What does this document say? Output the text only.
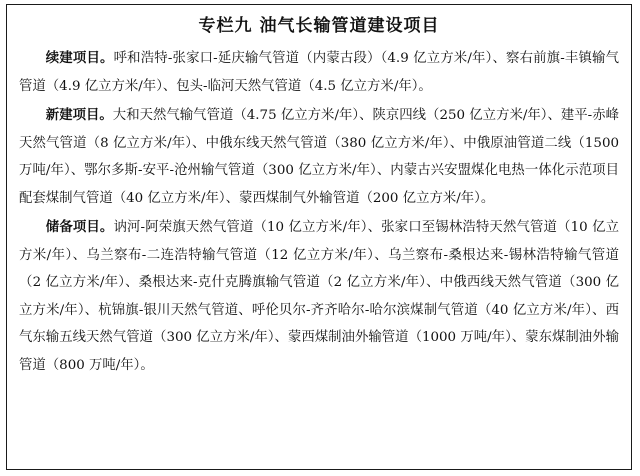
专栏九 油气长输管道建设项目

续建项目。呼和浩特-张家口-延庆输气管道（内蒙古段）（4.9 亿立方米/年）、察右前旗-丰镇输气管道（4.9 亿立方米/年）、包头-临河天然气管道（4.5 亿立方米/年）。

新建项目。大和天然气输气管道（4.75 亿立方米/年）、陕京四线（250 亿立方米/年）、建平-赤峰天然气管道（8 亿立方米/年）、中俄东线天然气管道（380 亿立方米/年）、中俄原油管道二线（1500 万吨/年）、鄂尔多斯-安平-沧州输气管道（300 亿立方米/年）、内蒙古兴安盟煤化电热一体化示范项目配套煤制气管道（40 亿立方米/年）、蒙西煤制气外输管道（200 亿立方米/年）。

储备项目。讷河-阿荣旗天然气管道（10 亿立方米/年）、张家口至锡林浩特天然气管道（10 亿立方米/年）、乌兰察布-二连浩特输气管道（12 亿立方米/年）、乌兰察布-桑根达来-锡林浩特输气管道（2 亿立方米/年）、桑根达来-克什克腾旗输气管道（2 亿立方米/年）、中俄西线天然气管道（300 亿立方米/年）、杭锦旗-银川天然气管道、呼伦贝尔-齐齐哈尔-哈尔滨煤制气管道（40 亿立方米/年）、西气东输五线天然气管道（300 亿立方米/年）、蒙西煤制油外输管道（1000 万吨/年）、蒙东煤制油外输管道（800 万吨/年）。
